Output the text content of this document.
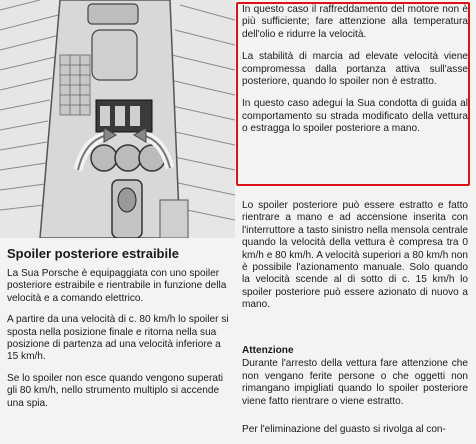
Spoiler posteriore estraibile

La Sua Porsche è equipaggiata con uno spoiler posteriore estraibile e rientrabile in funzione della velocità e a comando elettrico.

A partire da una velocità di c. 80 km/h lo spoiler si sposta nella posizione finale e ritorna nella sua posizione di partenza ad una velocità inferiore a 15 km/h.

Se lo spoiler non esce quando vengono superati gli 80 km/h, nello strumento multiplo si accende una spia.

In questo caso il raffreddamento del motore non è più sufficiente; fare attenzione alla temperatura dell'olio e ridurre la velocità.

La stabilità di marcia ad elevate velocità viene compromessa dalla portanza attiva sull'asse posteriore, quando lo spoiler non è estratto.

In questo caso adegui la Sua condotta di guida al comportamento su strada modificato della vettura o estragga lo spoiler posteriore a mano.

Lo spoiler posteriore può essere estratto e fatto rientrare a mano e ad accensione inserita con l'interruttore a tasto sinistro nella mensola centrale quando la velocità della vettura è compresa tra 0 km/h e 80 km/h. A velocità superiori a 80 km/h non è possibile l'azionamento manuale. Solo quando la velocità scende al di sotto di c. 15 km/h lo spoiler posteriore può essere azionato di nuovo a mano.

Attenzione

Durante l'arresto della vettura fare attenzione che non vengano ferite persone o che oggetti non rimangano impigliati quando lo spoiler posteriore viene fatto rientrare o viene estratto.

Per l'eliminazione del guasto si rivolga al con-
